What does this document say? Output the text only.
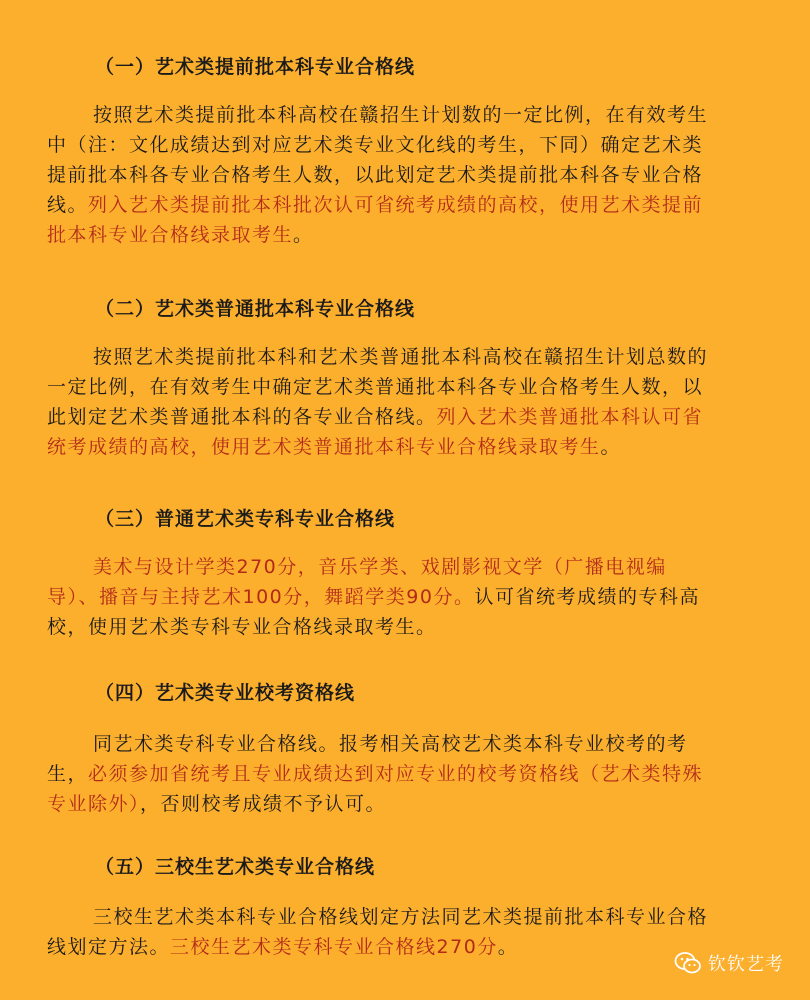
（一）艺术类提前批本科专业合格线
按照艺术类提前批本科高校在赣招生计划数的一定比例，在有效考生
中（注：文化成绩达到对应艺术类专业文化线的考生，下同）确定艺术类
提前批本科各专业合格考生人数，以此划定艺术类提前批本科各专业合格
线。列入艺术类提前批本科批次认可省统考成绩的高校，使用艺术类提前
批本科专业合格线录取考生。
（二）艺术类普通批本科专业合格线
按照艺术类提前批本科和艺术类普通批本科高校在赣招生计划总数的
一定比例，在有效考生中确定艺术类普通批本科各专业合格考生人数，以
此划定艺术类普通批本科的各专业合格线。列入艺术类普通批本科认可省
统考成绩的高校，使用艺术类普通批本科专业合格线录取考生。
（三）普通艺术类专科专业合格线
美术与设计学类270分，音乐学类、戏剧影视文学（广播电视编
导）、播音与主持艺术100分，舞蹈学类90分。认可省统考成绩的专科高
校，使用艺术类专科专业合格线录取考生。
（四）艺术类专业校考资格线
同艺术类专科专业合格线。报考相关高校艺术类本科专业校考的考
生，必须参加省统考且专业成绩达到对应专业的校考资格线（艺术类特殊
专业除外），否则校考成绩不予认可。
（五）三校生艺术类专业合格线
三校生艺术类本科专业合格线划定方法同艺术类提前批本科专业合格
线划定方法。三校生艺术类专科专业合格线270分。
钦钦艺考
